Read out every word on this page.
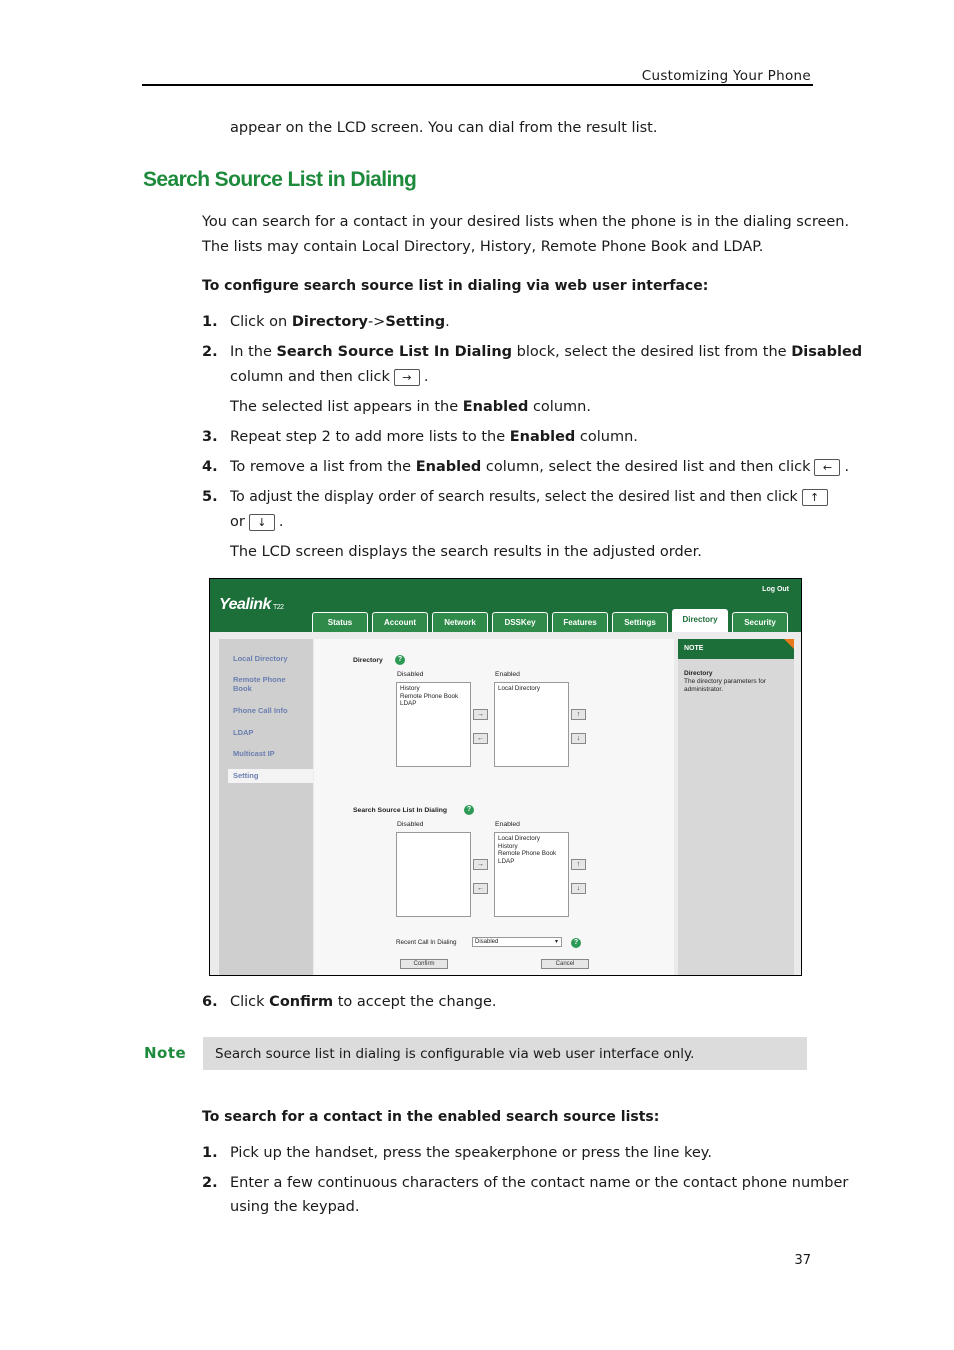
Customizing Your Phone
appear on the LCD screen. You can dial from the result list.
Search Source List in Dialing
You can search for a contact in your desired lists when the phone is in the dialing screen.
The lists may contain Local Directory, History, Remote Phone Book and LDAP.
To configure search source list in dialing via web user interface:
1. Click on Directory->Setting.
2. In the Search Source List In Dialing block, select the desired list from the Disabled
column and then click → .
The selected list appears in the Enabled column.
3. Repeat step 2 to add more lists to the Enabled column.
4. To remove a list from the Enabled column, select the desired list and then click ← .
5. To adjust the display order of search results, select the desired list and then click ↑
or ↓ .
The LCD screen displays the search results in the adjusted order.
Yealink T22
Log Out
Status	Account	Network	DSSKey	Features	Settings	Directory	Security
Local Directory
Remote Phone Book
Phone Call Info
LDAP
Multicast IP
Setting
Directory	?
Disabled	Enabled
History
Remote Phone Book
LDAP
Local Directory
→
←
↑
↓
Search Source List In Dialing	?
Disabled	Enabled
Local Directory
History
Remote Phone Book
LDAP
→
←
↑
↓
Recent Call In Dialing	Disabled	▾	?
Confirm	Cancel
NOTE
Directory
The directory parameters for administrator.
6. Click Confirm to accept the change.
Note Search source list in dialing is configurable via web user interface only.
To search for a contact in the enabled search source lists:
1. Pick up the handset, press the speakerphone or press the line key.
2. Enter a few continuous characters of the contact name or the contact phone number
using the keypad.
37
